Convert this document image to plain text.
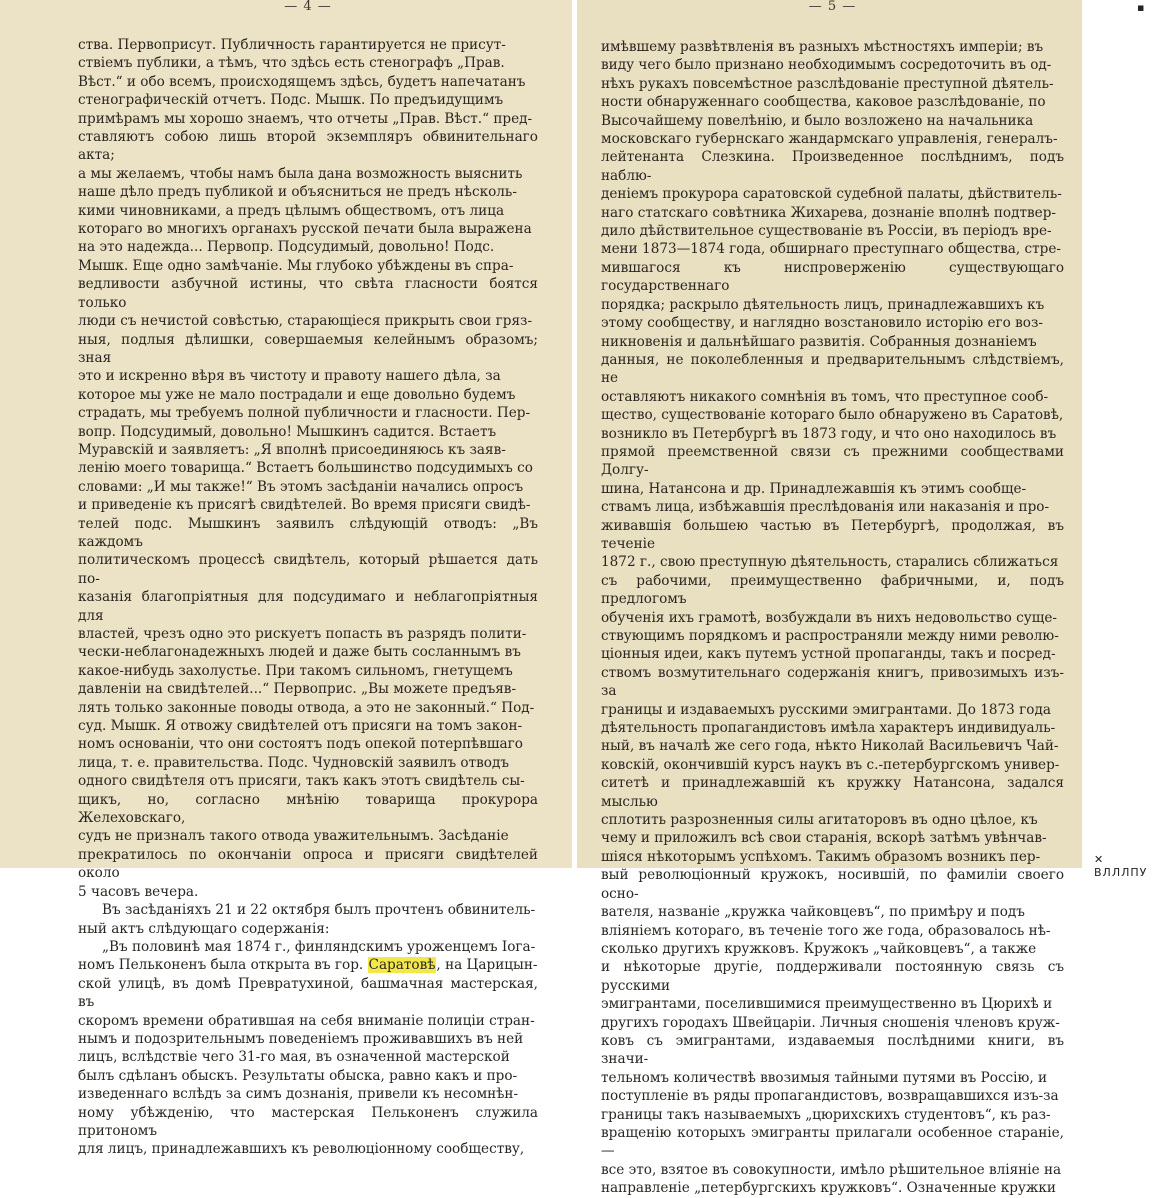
— 4 —
ства. Первоприсут. Публичность гарантируется не присут-
ствіемъ публики, а тѣмъ, что здѣсь есть стенографъ „Прав.
Вѣст.“ и обо всемъ, происходящемъ здѣсь, будетъ напечатанъ
стенографическій отчетъ. Подс. Мышк. По предъидущимъ
примѣрамъ мы хорошо знаемъ, что отчеты „Прав. Вѣст.“ пред-
ставляютъ собою лишь второй экземпляръ обвинительнаго акта;
а мы желаемъ, чтобы намъ была дана возможность выяснить
наше дѣло предъ публикой и объясниться не предъ нѣсколь-
кими чиновниками, а предъ цѣлымъ обществомъ, отъ лица
котораго во многихъ органахъ русской печати была выражена
на это надежда... Первопр. Подсудимый, довольно! Подс.
Мышк. Еще одно замѣчаніе. Мы глубоко убѣждены въ спра-
ведливости азбучной истины, что свѣта гласности боятся только
люди съ нечистой совѣстью, старающіеся прикрыть свои гряз-
ныя, подлыя дѣлишки, совершаемыя келейнымъ образомъ; зная
это и искренно вѣря въ чистоту и правоту нашего дѣла, за
которое мы уже не мало пострадали и еще довольно будемъ
страдать, мы требуемъ полной публичности и гласности. Пер-
вопр. Подсудимый, довольно! Мышкинъ садится. Встаетъ
Муравскій и заявляетъ: „Я вполнѣ присоединяюсь къ заяв-
ленію моего товарища.“ Встаетъ большинство подсудимыхъ со
словами: „И мы также!“ Въ этомъ засѣданіи начались опросъ
и приведеніе къ присягѣ свидѣтелей. Во время присяги свидѣ-
телей подс. Мышкинъ заявилъ слѣдующій отводъ: „Въ каждомъ
политическомъ процессѣ свидѣтель, который рѣшается дать по-
казанія благопріятныя для подсудимаго и неблагопріятныя для
властей, чрезъ одно это рискуетъ попасть въ разрядъ полити-
чески-неблагонадежныхъ людей и даже быть сосланнымъ въ
какое-нибудь захолустье. При такомъ сильномъ, гнетущемъ
давленіи на свидѣтелей...“ Первоприс. „Вы можете предъяв-
лять только законные поводы отвода, а это не законный.“ Под-
суд. Мышк. Я отвожу свидѣтелей отъ присяги на томъ закон-
номъ основаніи, что они состоятъ подъ опекой потерпѣвшаго
лица, т. е. правительства. Подс. Чудновскій заявилъ отводъ
одного свидѣтеля отъ присяги, такъ какъ этотъ свидѣтель сы-
щикъ, но, согласно мнѣнію товарища прокурора Желеховскаго,
судъ не призналъ такого отвода уважительнымъ. Засѣданіе
прекратилось по окончаніи опроса и присяги свидѣтелей около
5 часовъ вечера.
Въ засѣданіяхъ 21 и 22 октября былъ прочтенъ обвинитель-
ный актъ слѣдующаго содержанія:
„Въ половинѣ мая 1874 г., финляндскимъ уроженцемъ Іога-
номъ Пельконенъ была открыта въ гор. Саратовѣ, на Царицын-
ской улицѣ, въ домѣ Превратухиной, башмачная мастерская, въ
скоромъ времени обратившая на себя вниманіе полиціи стран-
нымъ и подозрительнымъ поведеніемъ проживавшихъ въ ней
лицъ, вслѣдствіе чего 31-го мая, въ означенной мастерской
былъ сдѣланъ обыскъ. Результаты обыска, равно какъ и про-
изведеннаго вслѣдъ за симъ дознанія, привели къ несомнѣн-
ному убѣжденію, что мастерская Пельконенъ служила притономъ
для лицъ, принадлежавшихъ къ революціонному сообществу,
— 5 —
имѣвшему развѣтвленія въ разныхъ мѣстностяхъ имперіи; въ
виду чего было признано необходимымъ сосредоточить въ од-
нѣхъ рукахъ повсемѣстное разслѣдованіе преступной дѣятель-
ности обнаруженнаго сообщества, каковое разслѣдованіе, по
Высочайшему повелѣнію, и было возложено на начальника
московскаго губернскаго жандармскаго управленія, генералъ-
лейтенанта Слезкина. Произведенное послѣднимъ, подъ наблю-
деніемъ прокурора саратовской судебной палаты, дѣйствитель-
наго статскаго совѣтника Жихарева, дознаніе вполнѣ подтвер-
дило дѣйствительное существованіе въ Россіи, въ періодъ вре-
мени 1873—1874 года, обширнаго преступнаго общества, стре-
мившагося къ ниспроверженію существующаго государственнаго
порядка; раскрыло дѣятельность лицъ, принадлежавшихъ къ
этому сообществу, и наглядно возстановило исторію его воз-
никновенія и дальнѣйшаго развитія. Собранныя дознаніемъ
данныя, не поколебленныя и предварительнымъ слѣдствіемъ, не
оставляютъ никакого сомнѣнія въ томъ, что преступное сооб-
щество, существованіе котораго было обнаружено въ Саратовѣ,
возникло въ Петербургѣ въ 1873 году, и что оно находилось въ
прямой преемственной связи съ прежними сообществами Долгу-
шина, Натансона и др. Принадлежавшія къ этимъ сообще-
ствамъ лица, избѣжавшія преслѣдованія или наказанія и про-
живавшія большею частью въ Петербургѣ, продолжая, въ теченіе
1872 г., свою преступную дѣятельность, старались сближаться
съ рабочими, преимущественно фабричными, и, подъ предлогомъ
обученія ихъ грамотѣ, возбуждали въ нихъ недовольство суще-
ствующимъ порядкомъ и распространяли между ними револю-
ціонныя идеи, какъ путемъ устной пропаганды, такъ и посред-
ствомъ возмутительнаго содержанія книгъ, привозимыхъ изъ-за
границы и издаваемыхъ русскими эмигрантами. До 1873 года
дѣятельность пропагандистовъ имѣла характеръ индивидуаль-
ный, въ началѣ же сего года, нѣкто Николай Васильевичъ Чай-
ковскій, окончившій курсъ наукъ въ с.-петербургскомъ универ-
ситетѣ и принадлежавшій къ кружку Натансона, задался мыслью
сплотить разрозненныя силы агитаторовъ въ одно цѣлое, къ
чему и приложилъ всѣ свои старанія, вскорѣ затѣмъ увѣнчав-
шіяся нѣкоторымъ успѣхомъ. Такимъ образомъ возникъ пер-
вый революціонный кружокъ, носившій, по фамиліи своего осно-
вателя, названіе „кружка чайковцевъ“, по примѣру и подъ
вліяніемъ котораго, въ теченіе того же года, образовалось нѣ-
сколько другихъ кружковъ. Кружокъ „чайковцевъ“, а также
и нѣкоторые другіе, поддерживали постоянную связь съ русскими
эмигрантами, поселившимися преимущественно въ Цюрихѣ и
другихъ городахъ Швейцаріи. Личныя сношенія членовъ круж-
ковъ съ эмигрантами, издаваемыя послѣдними книги, въ значи-
тельномъ количествѣ ввозимыя тайными путями въ Россію, и
поступленіе въ ряды пропагандистовъ, возвращавшихся изъ-за
границы такъ называемыхъ „цюрихскихъ студентовъ“, къ раз-
вращенію которыхъ эмигранты прилагали особенное стараніе,—
все это, взятое въ совокупности, имѣло рѣшительное вліяніе на
направленіе „петербургскихъ кружковъ“. Означенные кружки
▪
✕ ВЛЛЛПУ
